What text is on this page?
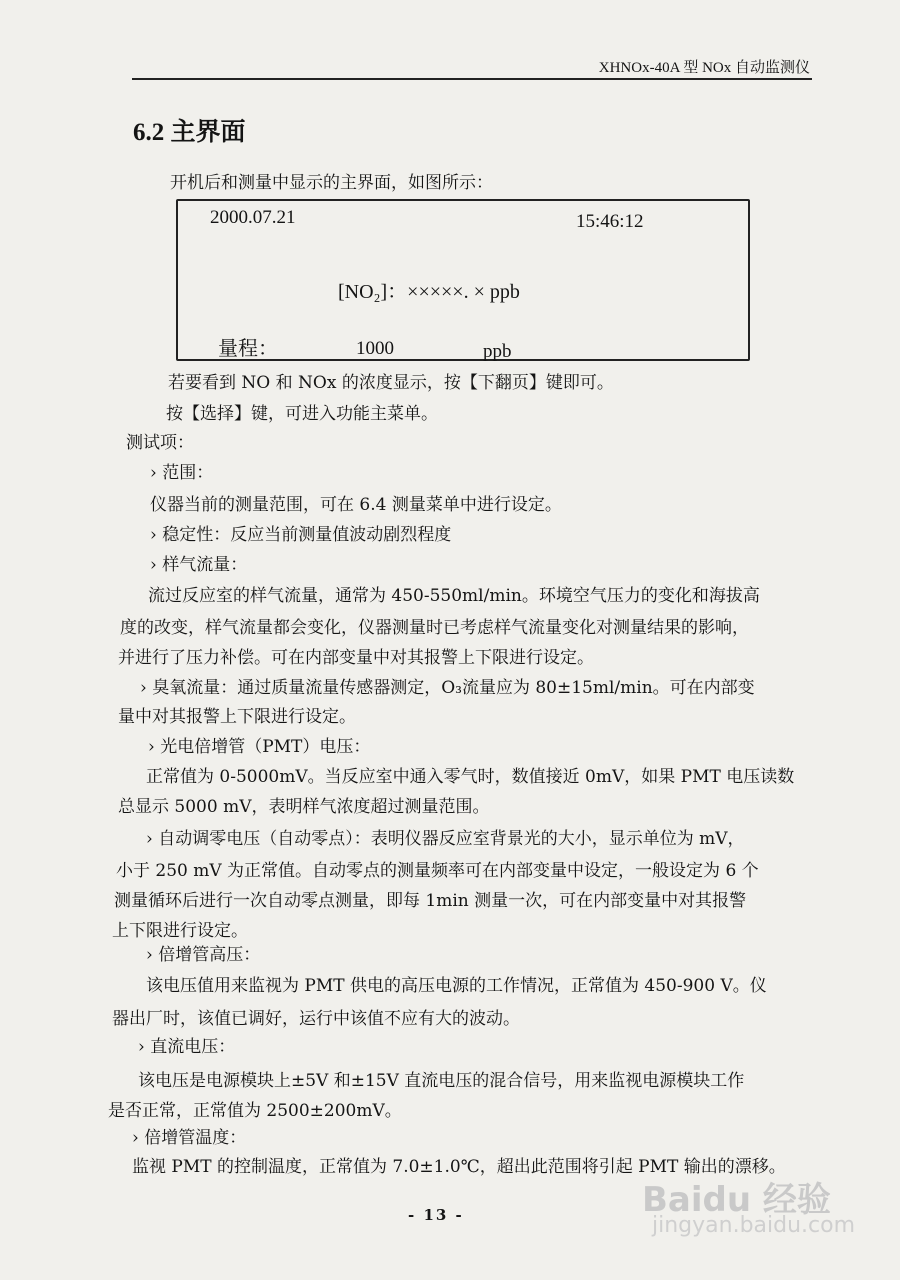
XHNOx-40A 型 NOx 自动监测仪
6.2 主界面
开机后和测量中显示的主界面，如图所示：
2000.07.21	15:46:12
[NO₂]：×××××. × ppb
量程：	1000	ppb
若要看到 NO 和 NOx 的浓度显示，按【下翻页】键即可。
按【选择】键，可进入功能主菜单。
测试项：
› 范围：
仪器当前的测量范围，可在 6.4 测量菜单中进行设定。
› 稳定性：反应当前测量值波动剧烈程度
› 样气流量：
流过反应室的样气流量，通常为 450-550ml/min。环境空气压力的变化和海拔高
度的改变，样气流量都会变化，仪器测量时已考虑样气流量变化对测量结果的影响，
并进行了压力补偿。可在内部变量中对其报警上下限进行设定。
› 臭氧流量：通过质量流量传感器测定，O₃流量应为 80±15ml/min。可在内部变
量中对其报警上下限进行设定。
› 光电倍增管（PMT）电压：
正常值为 0-5000mV。当反应室中通入零气时，数值接近 0mV，如果 PMT 电压读数
总显示 5000 mV，表明样气浓度超过测量范围。
› 自动调零电压（自动零点）：表明仪器反应室背景光的大小，显示单位为 mV，
小于 250 mV 为正常值。自动零点的测量频率可在内部变量中设定，一般设定为 6 个
测量循环后进行一次自动零点测量，即每 1min 测量一次，可在内部变量中对其报警
上下限进行设定。
› 倍增管高压：
该电压值用来监视为 PMT 供电的高压电源的工作情况，正常值为 450-900 V。仪
器出厂时，该值已调好，运行中该值不应有大的波动。
› 直流电压：
该电压是电源模块上±5V 和±15V 直流电压的混合信号，用来监视电源模块工作
是否正常，正常值为 2500±200mV。
› 倍增管温度：
监视 PMT 的控制温度，正常值为 7.0±1.0℃，超出此范围将引起 PMT 输出的漂移。
- 13 -	Baidu 经验
jingyan.baidu.com
